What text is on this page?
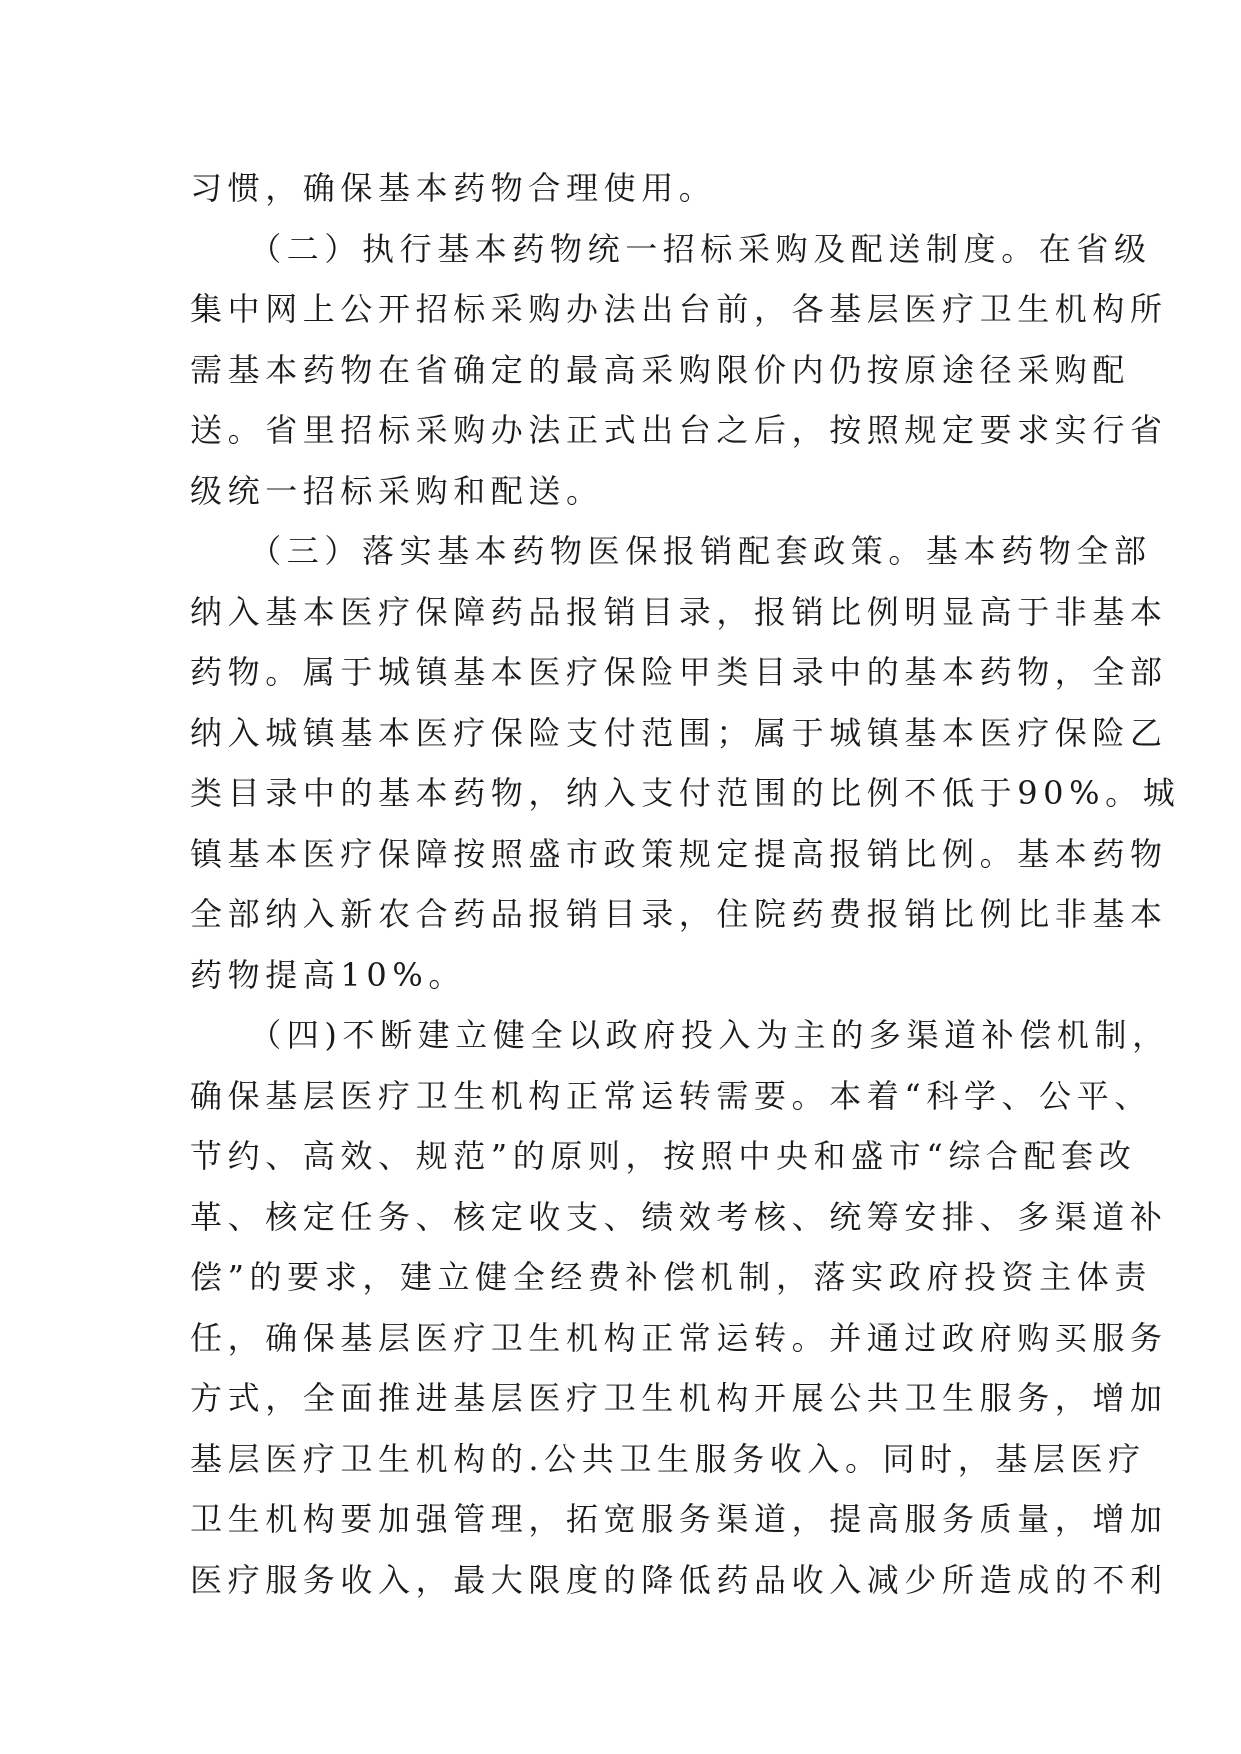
习惯，确保基本药物合理使用。
　　（二）执行基本药物统一招标采购及配送制度。在省级
集中网上公开招标采购办法出台前，各基层医疗卫生机构所
需基本药物在省确定的最高采购限价内仍按原途径采购配
送。省里招标采购办法正式出台之后，按照规定要求实行省
级统一招标采购和配送。
　　（三）落实基本药物医保报销配套政策。基本药物全部
纳入基本医疗保障药品报销目录，报销比例明显高于非基本
药物。属于城镇基本医疗保险甲类目录中的基本药物，全部
纳入城镇基本医疗保险支付范围；属于城镇基本医疗保险乙
类目录中的基本药物，纳入支付范围的比例不低于90%。城
镇基本医疗保障按照盛市政策规定提高报销比例。基本药物
全部纳入新农合药品报销目录，住院药费报销比例比非基本
药物提高10%。
　　（四)不断建立健全以政府投入为主的多渠道补偿机制，
确保基层医疗卫生机构正常运转需要。本着“科学、公平、
节约、高效、规范”的原则，按照中央和盛市“综合配套改
革、核定任务、核定收支、绩效考核、统筹安排、多渠道补
偿”的要求，建立健全经费补偿机制，落实政府投资主体责
任，确保基层医疗卫生机构正常运转。并通过政府购买服务
方式，全面推进基层医疗卫生机构开展公共卫生服务，增加
基层医疗卫生机构的.公共卫生服务收入。同时，基层医疗
卫生机构要加强管理，拓宽服务渠道，提高服务质量，增加
医疗服务收入，最大限度的降低药品收入减少所造成的不利
